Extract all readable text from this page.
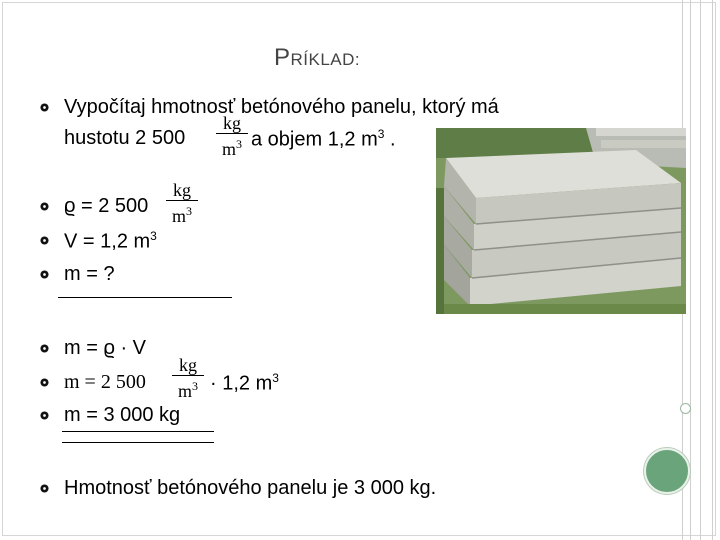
PRÍKLAD:
Vypočítaj hmotnosť betónového panelu, ktorý má
hustotu 2 500
kg
$m^3$ a objem 1,2 $m^3$ .
ϱ = 2 500
kg
$m^3$
V = 1,2 $m^3$
m = ?
m = ϱ · V
m = 2 500
kg
$m^3 \cdot 1,2$ $m^3$
m = 3 000 kg
Hmotnosť betónového panelu je 3 000 kg.
